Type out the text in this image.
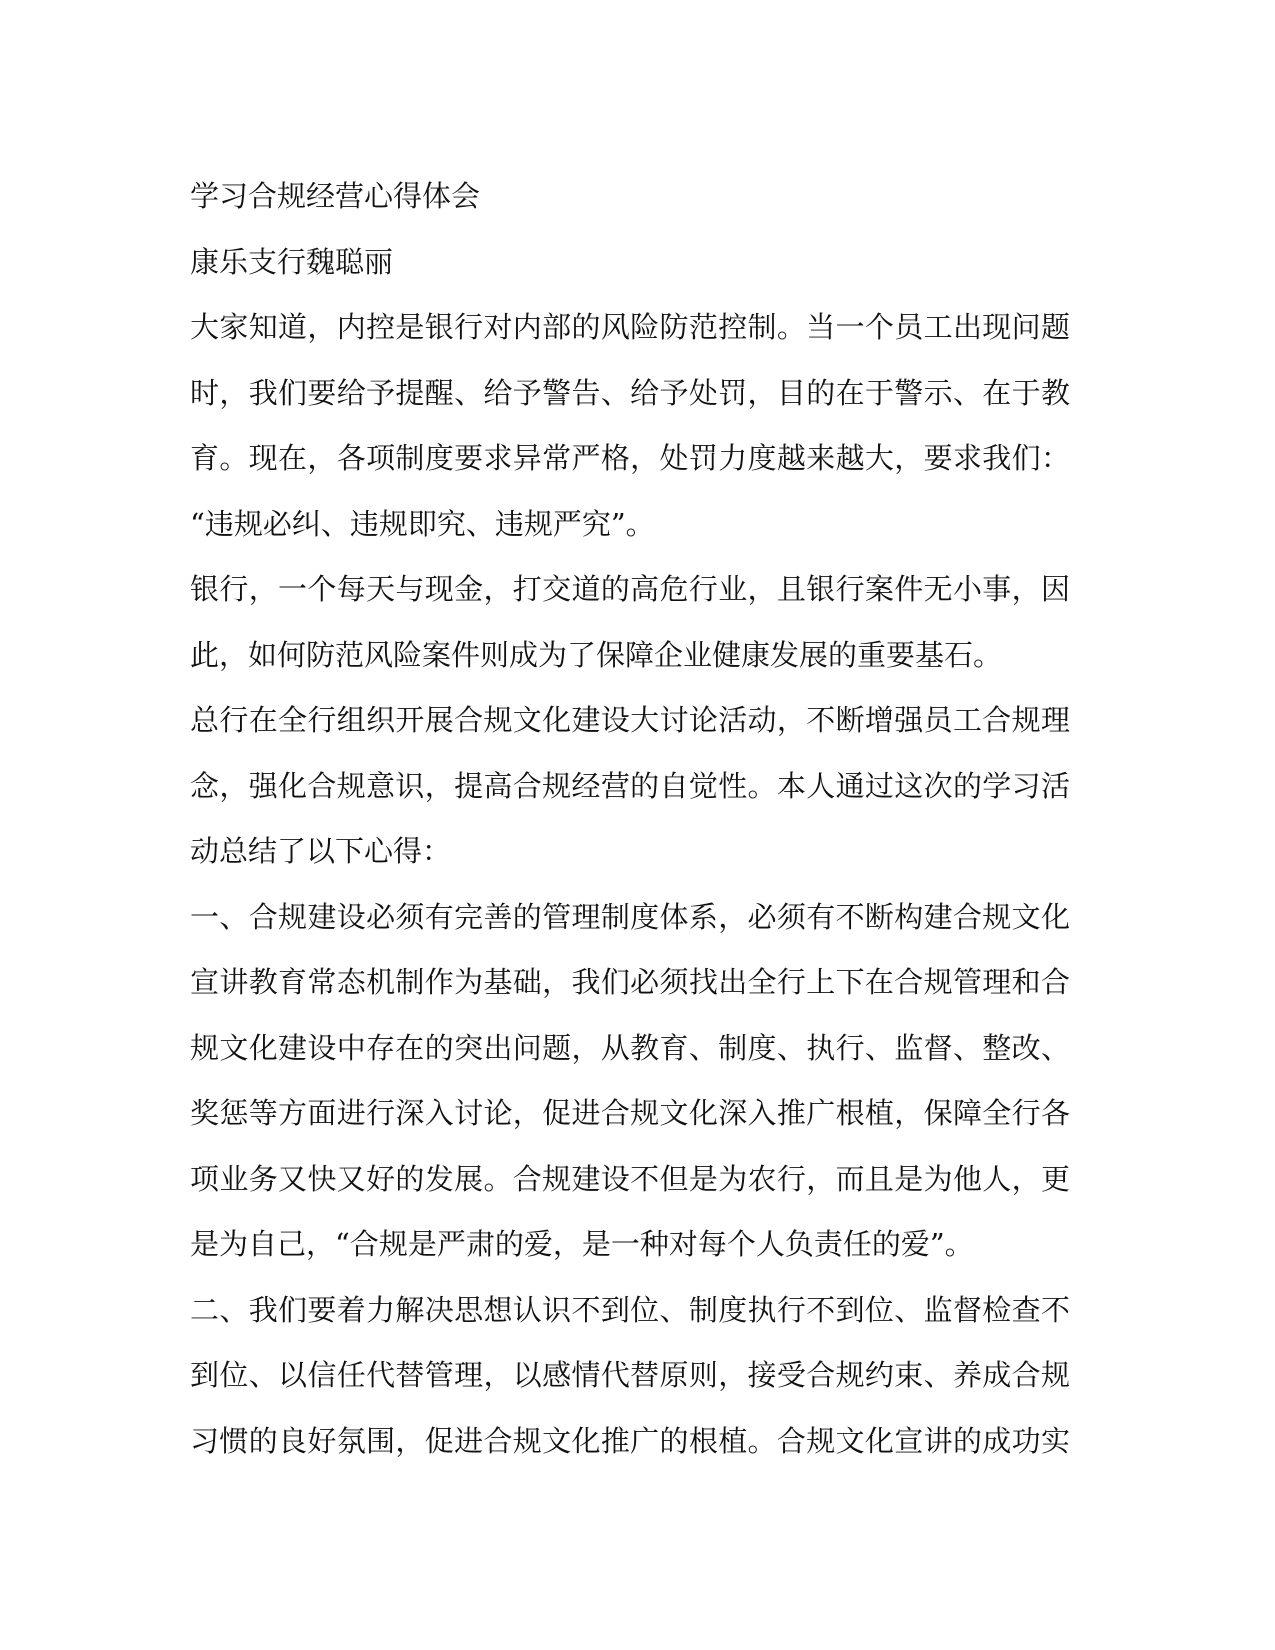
学习合规经营心得体会
康乐支行魏聪丽
大家知道，内控是银行对内部的风险防范控制。当一个员工出现问题
时，我们要给予提醒、给予警告、给予处罚，目的在于警示、在于教
育。现在，各项制度要求异常严格，处罚力度越来越大，要求我们：
“违规必纠、违规即究、违规严究”。
银行，一个每天与现金，打交道的高危行业，且银行案件无小事，因
此，如何防范风险案件则成为了保障企业健康发展的重要基石。
总行在全行组织开展合规文化建设大讨论活动，不断增强员工合规理
念，强化合规意识，提高合规经营的自觉性。本人通过这次的学习活
动总结了以下心得：
一、合规建设必须有完善的管理制度体系，必须有不断构建合规文化
宣讲教育常态机制作为基础，我们必须找出全行上下在合规管理和合
规文化建设中存在的突出问题，从教育、制度、执行、监督、整改、
奖惩等方面进行深入讨论，促进合规文化深入推广根植，保障全行各
项业务又快又好的发展。合规建设不但是为农行，而且是为他人，更
是为自己，“合规是严肃的爱，是一种对每个人负责任的爱”。
二、我们要着力解决思想认识不到位、制度执行不到位、监督检查不
到位、以信任代替管理，以感情代替原则，接受合规约束、养成合规
习惯的良好氛围，促进合规文化推广的根植。合规文化宣讲的成功实
